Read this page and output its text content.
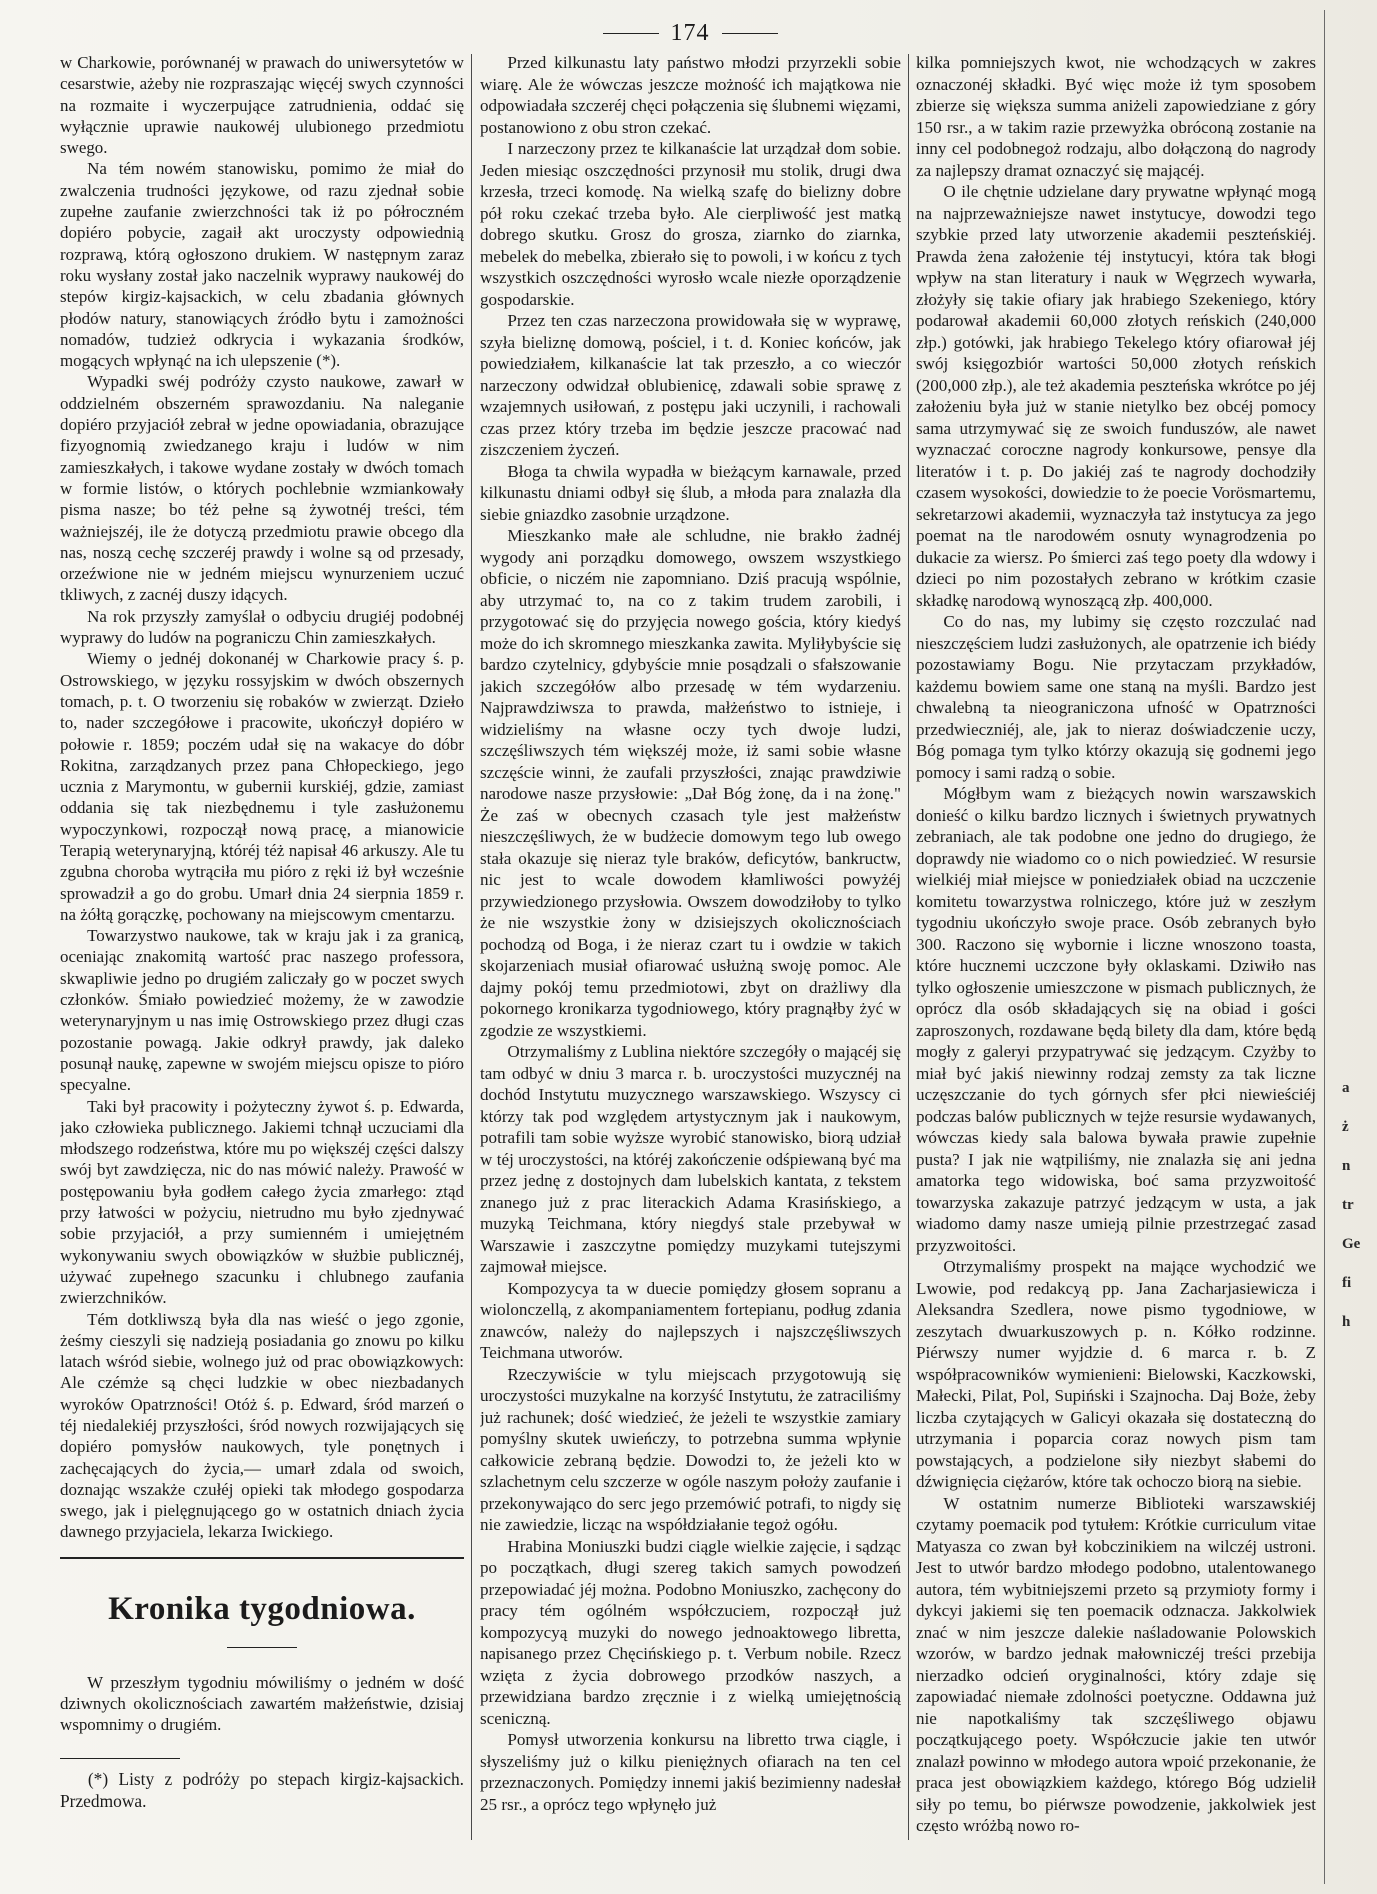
174

w Charkowie, porównanéj w prawach do uniwersytetów w cesarstwie, ażeby nie rozpraszając więcéj swych czynności na rozmaite i wyczerpujące zatrudnienia, oddać się wyłącznie uprawie naukowéj ulubionego przedmiotu swego.

Na tém nowém stanowisku, pomimo że miał do zwalczenia trudności językowe, od razu zjednał sobie zupełne zaufanie zwierzchności tak iż po półroczném dopiéro pobycie, zagaił akt uroczysty odpowiednią rozprawą, którą ogłoszono drukiem. W następnym zaraz roku wysłany został jako naczelnik wyprawy naukowéj do stepów kirgiz-kajsackich, w celu zbadania głównych płodów natury, stanowiących źródło bytu i zamożności nomadów, tudzież odkrycia i wykazania środków, mogących wpłynąć na ich ulepszenie (*).

Wypadki swéj podróży czysto naukowe, zawarł w oddzielném obszerném sprawozdaniu. Na naleganie dopiéro przyjaciół zebrał w jedne opowiadania, obrazujące fizyognomią zwiedzanego kraju i ludów w nim zamieszkałych, i takowe wydane zostały w dwóch tomach w formie listów, o których pochlebnie wzmiankowały pisma nasze; bo téż pełne są żywotnéj treści, tém ważniejszéj, ile że dotyczą przedmiotu prawie obcego dla nas, noszą cechę szczeréj prawdy i wolne są od przesady, orzeźwione nie w jedném miejscu wynurzeniem uczuć tkliwych, z zacnéj duszy idących.

Na rok przyszły zamyślał o odbyciu drugiéj podobnéj wyprawy do ludów na pograniczu Chin zamieszkałych.

Wiemy o jednéj dokonanéj w Charkowie pracy ś. p. Ostrowskiego, w języku rossyjskim w dwóch obszernych tomach, p. t. O tworzeniu się robaków w zwierząt. Dzieło to, nader szczegółowe i pracowite, ukończył dopiéro w połowie r. 1859; poczém udał się na wakacye do dóbr Rokitna, zarządzanych przez pana Chłopeckiego, jego ucznia z Marymontu, w gubernii kurskiéj, gdzie, zamiast oddania się tak niezbędnemu i tyle zasłużonemu wypoczynkowi, rozpoczął nową pracę, a mianowicie Terapią weterynaryjną, któréj téż napisał 46 arkuszy. Ale tu zgubna choroba wytrąciła mu pióro z ręki iż był wcześnie sprowadził a go do grobu. Umarł dnia 24 sierpnia 1859 r. na żółtą gorączkę, pochowany na miejscowym cmentarzu.

Towarzystwo naukowe, tak w kraju jak i za granicą, oceniając znakomitą wartość prac naszego professora, skwapliwie jedno po drugiém zaliczały go w poczet swych członków. Śmiało powiedzieć możemy, że w zawodzie weterynaryjnym u nas imię Ostrowskiego przez długi czas pozostanie powagą. Jakie odkrył prawdy, jak daleko posunął naukę, zapewne w swojém miejscu opisze to pióro specyalne.

Taki był pracowity i pożyteczny żywot ś. p. Edwarda, jako człowieka publicznego. Jakiemi tchnął uczuciami dla młodszego rodzeństwa, które mu po większéj części dalszy swój byt zawdzięcza, nic do nas mówić należy. Prawość w postępowaniu była godłem całego życia zmarłego: ztąd przy łatwości w pożyciu, nietrudno mu było zjednywać sobie przyjaciół, a przy sumienném i umiejętném wykonywaniu swych obowiązków w służbie publicznéj, używać zupełnego szacunku i chlubnego zaufania zwierzchników.

Tém dotkliwszą była dla nas wieść o jego zgonie, żeśmy cieszyli się nadzieją posiadania go znowu po kilku latach wśród siebie, wolnego już od prac obowiązkowych: Ale czémże są chęci ludzkie w obec niezbadanych wyroków Opatrzności! Otóż ś. p. Edward, śród marzeń o téj niedalekiéj przyszłości, śród nowych rozwijających się dopiéro pomysłów naukowych, tyle ponętnych i zachęcających do życia,— umarł zdala od swoich, doznając wszakże czułéj opieki tak młodego gospodarza swego, jak i pielęgnującego go w ostatnich dniach życia dawnego przyjaciela, lekarza Iwickiego.

Kronika tygodniowa.

W przeszłym tygodniu mówiliśmy o jedném w dość dziwnych okolicznościach zawartém małżeństwie, dzisiaj wspomnimy o drugiém.

(*) Listy z podróży po stepach kirgiz-kajsackich. Przedmowa.

Przed kilkunastu laty państwo młodzi przyrzekli sobie wiarę. Ale że wówczas jeszcze możność ich majątkowa nie odpowiadała szczeréj chęci połączenia się ślubnemi więzami, postanowiono z obu stron czekać.

I narzeczony przez te kilkanaście lat urządzał dom sobie. Jeden miesiąc oszczędności przynosił mu stolik, drugi dwa krzesła, trzeci komodę. Na wielką szafę do bielizny dobre pół roku czekać trzeba było. Ale cierpliwość jest matką dobrego skutku. Grosz do grosza, ziarnko do ziarnka, mebelek do mebelka, zbierało się to powoli, i w końcu z tych wszystkich oszczędności wyrosło wcale niezłe oporządzenie gospodarskie.

Przez ten czas narzeczona prowidowała się w wyprawę, szyła bieliznę domową, pościel, i t. d. Koniec końców, jak powiedziałem, kilkanaście lat tak przeszło, a co wieczór narzeczony odwidzał oblubienicę, zdawali sobie sprawę z wzajemnych usiłowań, z postępu jaki uczynili, i rachowali czas przez który trzeba im będzie jeszcze pracować nad ziszczeniem życzeń.

Błoga ta chwila wypadła w bieżącym karnawale, przed kilkunastu dniami odbył się ślub, a młoda para znalazła dla siebie gniazdko zasobnie urządzone.

Mieszkanko małe ale schludne, nie brakło żadnéj wygody ani porządku domowego, owszem wszystkiego obficie, o niczém nie zapomniano. Dziś pracują wspólnie, aby utrzymać to, na co z takim trudem zarobili, i przygotować się do przyjęcia nowego gościa, który kiedyś może do ich skromnego mieszkanka zawita. Myliłybyście się bardzo czytelnicy, gdybyście mnie posądzali o sfałszowanie jakich szczegółów albo przesadę w tém wydarzeniu. Najprawdziwsza to prawda, małżeństwo to istnieje, i widzieliśmy na własne oczy tych dwoje ludzi, szczęśliwszych tém większéj może, iż sami sobie własne szczęście winni, że zaufali przyszłości, znając prawdziwie narodowe nasze przysłowie: „Dał Bóg żonę, da i na żonę." Że zaś w obecnych czasach tyle jest małżeństw nieszczęśliwych, że w budżecie domowym tego lub owego stała okazuje się nieraz tyle braków, deficytów, bankructw, nic jest to wcale dowodem kłamliwości powyżéj przywiedzionego przysłowia. Owszem dowodziłoby to tylko że nie wszystkie żony w dzisiejszych okolicznościach pochodzą od Boga, i że nieraz czart tu i owdzie w takich skojarzeniach musiał ofiarować usłużną swoję pomoc. Ale dajmy pokój temu przedmiotowi, zbyt on drażliwy dla pokornego kronikarza tygodniowego, który pragnąłby żyć w zgodzie ze wszystkiemi.

Otrzymaliśmy z Lublina niektóre szczegóły o mającéj się tam odbyć w dniu 3 marca r. b. uroczystości muzycznéj na dochód Instytutu muzycznego warszawskiego. Wszyscy ci którzy tak pod względem artystycznym jak i naukowym, potrafili tam sobie wyższe wyrobić stanowisko, biorą udział w téj uroczystości, na któréj zakończenie odśpiewaną być ma przez jednę z dostojnych dam lubelskich kantata, z tekstem znanego już z prac literackich Adama Krasińskiego, a muzyką Teichmana, który niegdyś stale przebywał w Warszawie i zaszczytne pomiędzy muzykami tutejszymi zajmował miejsce.

Kompozycya ta w duecie pomiędzy głosem sopranu a wiolonczellą, z akompaniamentem fortepianu, podług zdania znawców, należy do najlepszych i najszczęśliwszych Teichmana utworów.

Rzeczywiście w tylu miejscach przygotowują się uroczystości muzykalne na korzyść Instytutu, że zatraciliśmy już rachunek; dość wiedzieć, że jeżeli te wszystkie zamiary pomyślny skutek uwieńczy, to potrzebna summa wpłynie całkowicie zebraną będzie. Dowodzi to, że jeżeli kto w szlachetnym celu szczerze w ogóle naszym położy zaufanie i przekonywająco do serc jego przemówić potrafi, to nigdy się nie zawiedzie, licząc na współdziałanie tegoż ogółu.

Hrabina Moniuszki budzi ciągle wielkie zajęcie, i sądząc po początkach, długi szereg takich samych powodzeń przepowiadać jéj można. Podobno Moniuszko, zachęcony do pracy tém ogólném współczuciem, rozpoczął już kompozycyą muzyki do nowego jednoaktowego libretta, napisanego przez Chęcińskiego p. t. Verbum nobile. Rzecz wzięta z życia dobrowego przodków naszych, a przewidziana bardzo zręcznie i z wielką umiejętnością sceniczną.

Pomysł utworzenia konkursu na libretto trwa ciągle, i słyszeliśmy już o kilku pieniężnych ofiarach na ten cel przeznaczonych. Pomiędzy innemi jakiś bezimienny nadesłał 25 rsr., a oprócz tego wpłynęło już

kilka pomniejszych kwot, nie wchodzących w zakres oznaczonéj składki. Być więc może iż tym sposobem zbierze się większa summa aniżeli zapowiedziane z góry 150 rsr., a w takim razie przewyżka obróconą zostanie na inny cel podobnegoż rodzaju, albo dołączoną do nagrody za najlepszy dramat oznaczyć się mającéj.

O ile chętnie udzielane dary prywatne wpłynąć mogą na najprzeważniejsze nawet instytucye, dowodzi tego szybkie przed laty utworzenie akademii peszteńskiéj. Prawda żena założenie téj instytucyi, która tak błogi wpływ na stan literatury i nauk w Węgrzech wywarła, złożyły się takie ofiary jak hrabiego Szekeniego, który podarował akademii 60,000 złotych reńskich (240,000 złp.) gotówki, jak hrabiego Tekelego który ofiarował jéj swój księgozbiór wartości 50,000 złotych reńskich (200,000 złp.), ale też akademia peszteńska wkrótce po jéj założeniu była już w stanie nietylko bez obcéj pomocy sama utrzymywać się ze swoich funduszów, ale nawet wyznaczać coroczne nagrody konkursowe, pensye dla literatów i t. p. Do jakiéj zaś te nagrody dochodziły czasem wysokości, dowiedzie to że poecie Vorösmartemu, sekretarzowi akademii, wyznaczyła taż instytucya za jego poemat na tle narodowém osnuty wynagrodzenia po dukacie za wiersz. Po śmierci zaś tego poety dla wdowy i dzieci po nim pozostałych zebrano w krótkim czasie składkę narodową wynoszącą złp. 400,000.

Co do nas, my lubimy się często rozczulać nad nieszczęściem ludzi zasłużonych, ale opatrzenie ich biédy pozostawiamy Bogu. Nie przytaczam przykładów, każdemu bowiem same one staną na myśli. Bardzo jest chwalebną ta nieograniczona ufność w Opatrzności przedwieczniéj, ale, jak to nieraz doświadczenie uczy, Bóg pomaga tym tylko którzy okazują się godnemi jego pomocy i sami radzą o sobie.

Mógłbym wam z bieżących nowin warszawskich donieść o kilku bardzo licznych i świetnych prywatnych zebraniach, ale tak podobne one jedno do drugiego, że doprawdy nie wiadomo co o nich powiedzieć. W resursie wielkiéj miał miejsce w poniedziałek obiad na uczczenie komitetu towarzystwa rolniczego, które już w zeszłym tygodniu ukończyło swoje prace. Osób zebranych było 300. Raczono się wybornie i liczne wnoszono toasta, które hucznemi uczczone były oklaskami. Dziwiło nas tylko ogłoszenie umieszczone w pismach publicznych, że oprócz dla osób składających się na obiad i gości zaproszonych, rozdawane będą bilety dla dam, które będą mogły z galeryi przypatrywać się jedzącym. Czyżby to miał być jakiś niewinny rodzaj zemsty za tak liczne uczęszczanie do tych górnych sfer płci niewieściéj podczas balów publicznych w tejże resursie wydawanych, wówczas kiedy sala balowa bywała prawie zupełnie pusta? I jak nie wątpiliśmy, nie znalazła się ani jedna amatorka tego widowiska, boć sama przyzwoitość towarzyska zakazuje patrzyć jedzącym w usta, a jak wiadomo damy nasze umieją pilnie przestrzegać zasad przyzwoitości.

Otrzymaliśmy prospekt na mające wychodzić we Lwowie, pod redakcyą pp. Jana Zacharjasiewicza i Aleksandra Szedlera, nowe pismo tygodniowe, w zeszytach dwuarkuszowych p. n. Kółko rodzinne. Piérwszy numer wyjdzie d. 6 marca r. b. Z współpracowników wymienieni: Bielowski, Kaczkowski, Małecki, Pilat, Pol, Supiński i Szajnocha. Daj Boże, żeby liczba czytających w Galicyi okazała się dostateczną do utrzymania i poparcia coraz nowych pism tam powstających, a podzielone siły niezbyt słabemi do dźwignięcia ciężarów, które tak ochoczo biorą na siebie.

W ostatnim numerze Biblioteki warszawskiéj czytamy poemacik pod tytułem: Krótkie curriculum vitae Matyasza co zwan był kobczinikiem na wilczéj ustroni. Jest to utwór bardzo młodego podobno, utalentowanego autora, tém wybitniejszemi przeto są przymioty formy i dykcyi jakiemi się ten poemacik odznacza. Jakkolwiek znać w nim jeszcze dalekie naśladowanie Polowskich wzorów, w bardzo jednak małowniczéj treści przebija nierzadko odcień oryginalności, który zdaje się zapowiadać niemałe zdolności poetyczne. Oddawna już nie napotkaliśmy tak szczęśliwego objawu początkującego poety. Współczucie jakie ten utwór znalazł powinno w młodego autora wpoić przekonanie, że praca jest obowiązkiem każdego, którego Bóg udzielił siły po temu, bo piérwsze powodzenie, jakkolwiek jest często wróżbą nowo ro-

a
ż
n
tr
Ge
fi
h
